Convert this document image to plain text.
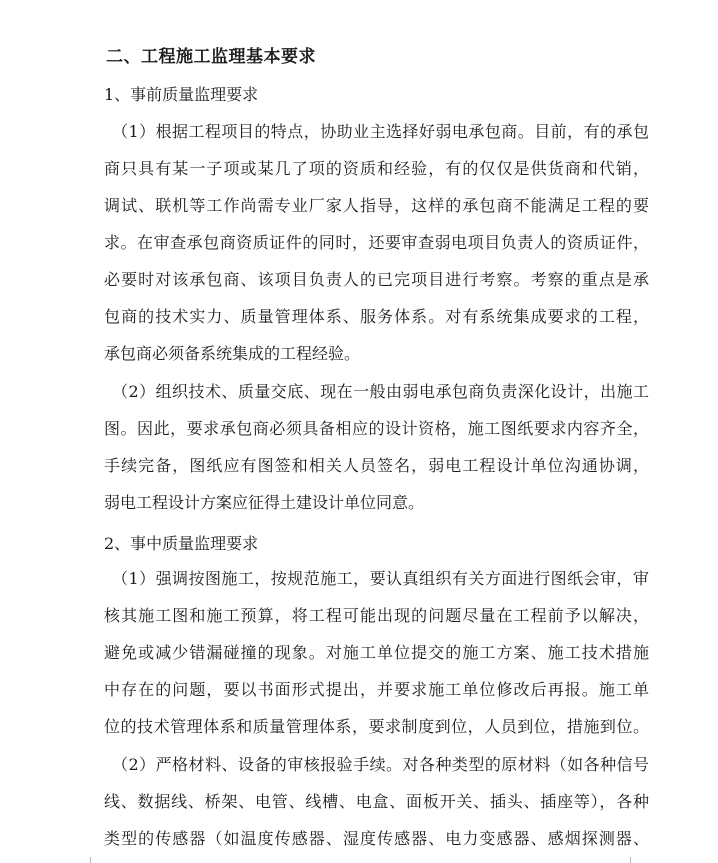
二、工程施工监理基本要求
1、事前质量监理要求
（1）根据工程项目的特点，协助业主选择好弱电承包商。目前，有的承包
商只具有某一子项或某几了项的资质和经验，有的仅仅是供货商和代销，
调试、联机等工作尚需专业厂家人指导，这样的承包商不能满足工程的要
求。在审查承包商资质证件的同时，还要审查弱电项目负责人的资质证件，
必要时对该承包商、该项目负责人的已完项目进行考察。考察的重点是承
包商的技术实力、质量管理体系、服务体系。对有系统集成要求的工程，
承包商必须备系统集成的工程经验。
（2）组织技术、质量交底、现在一般由弱电承包商负责深化设计，出施工
图。因此，要求承包商必须具备相应的设计资格，施工图纸要求内容齐全，
手续完备，图纸应有图签和相关人员签名，弱电工程设计单位沟通协调，
弱电工程设计方案应征得土建设计单位同意。
2、事中质量监理要求
（1）强调按图施工，按规范施工，要认真组织有关方面进行图纸会审，审
核其施工图和施工预算，将工程可能出现的问题尽量在工程前予以解决，
避免或减少错漏碰撞的现象。对施工单位提交的施工方案、施工技术措施
中存在的问题，要以书面形式提出，并要求施工单位修改后再报。施工单
位的技术管理体系和质量管理体系，要求制度到位，人员到位，措施到位。
（2）严格材料、设备的审核报验手续。对各种类型的原材料（如各种信号
线、数据线、桥架、电管、线槽、电盒、面板开关、插头、插座等），各种
类型的传感器（如温度传感器、湿度传感器、电力变感器、感烟探测器、
